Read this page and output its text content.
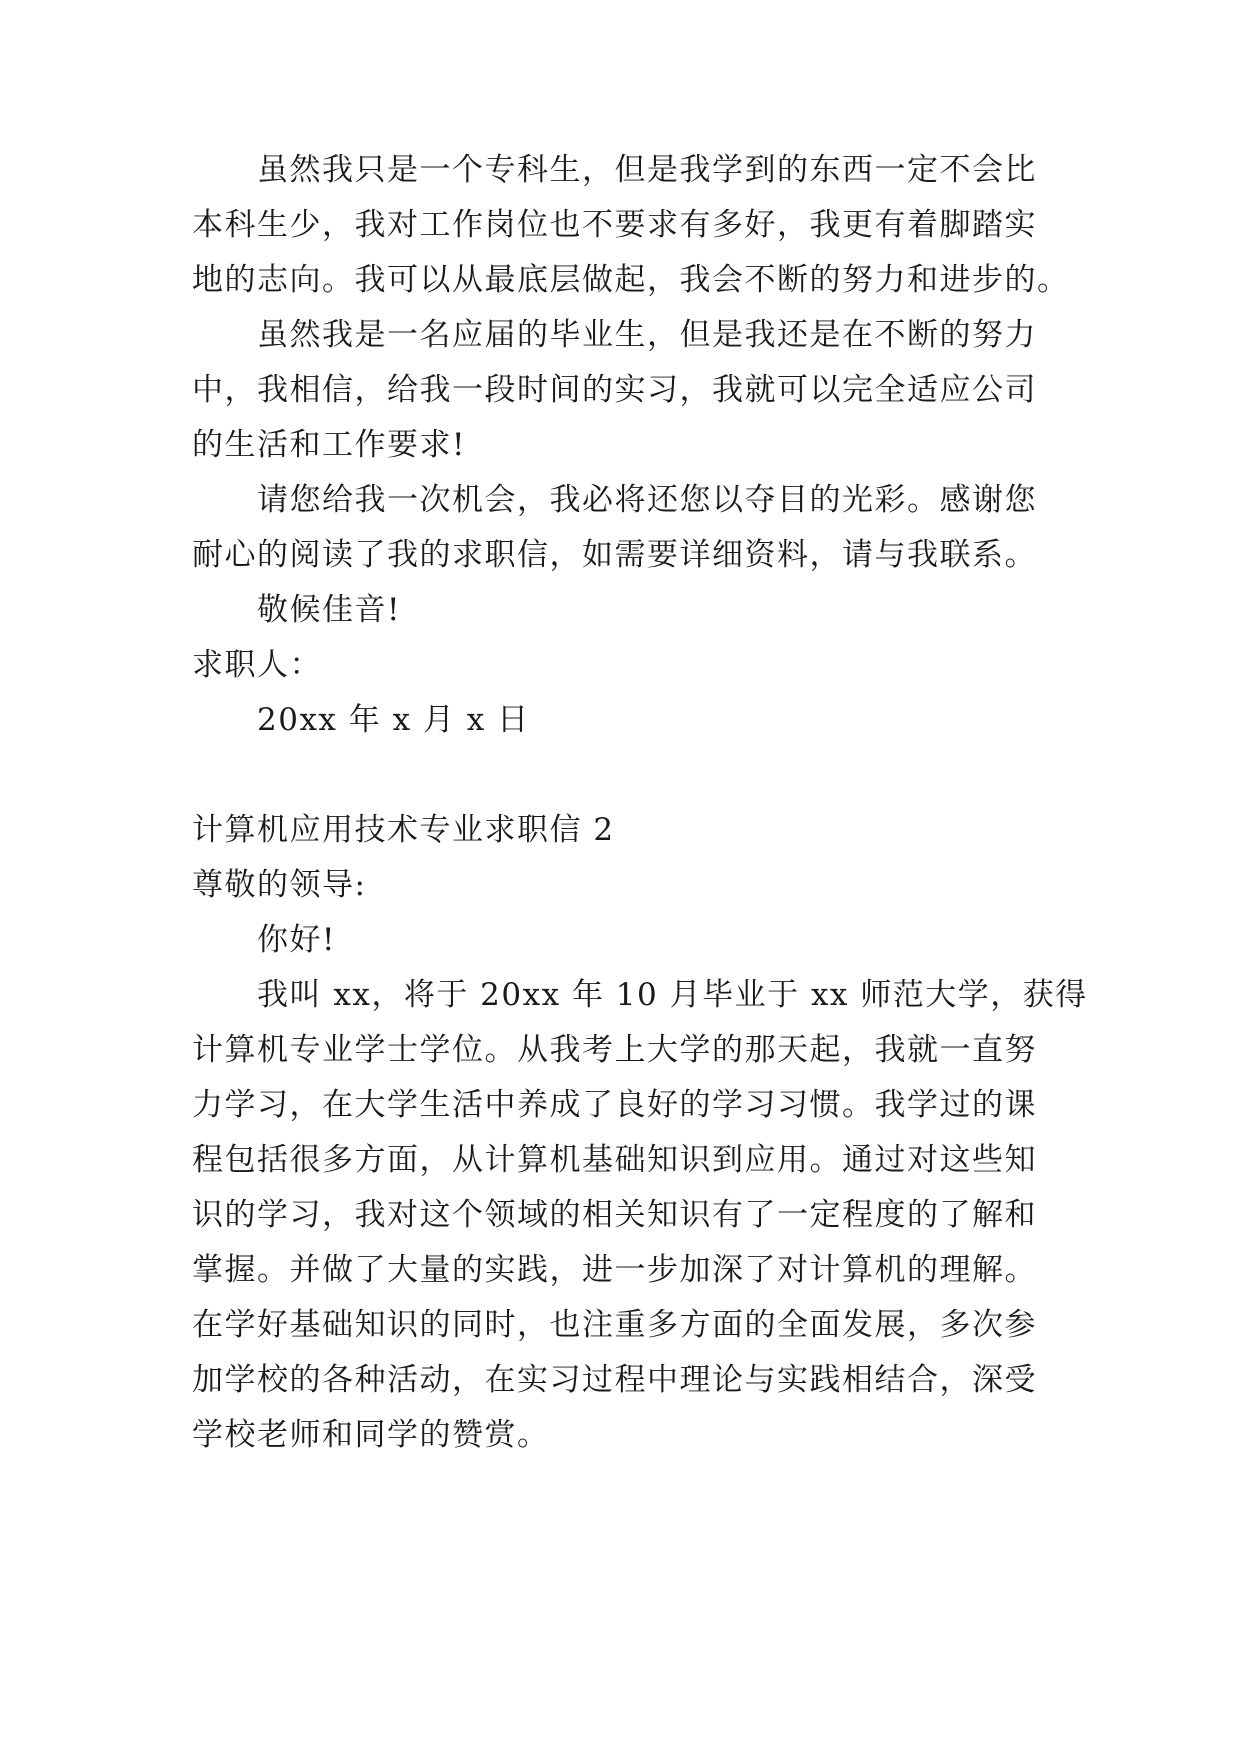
虽然我只是一个专科生，但是我学到的东西一定不会比
本科生少，我对工作岗位也不要求有多好，我更有着脚踏实
地的志向。我可以从最底层做起，我会不断的努力和进步的。
虽然我是一名应届的毕业生，但是我还是在不断的努力
中，我相信，给我一段时间的实习，我就可以完全适应公司
的生活和工作要求!
请您给我一次机会，我必将还您以夺目的光彩。感谢您
耐心的阅读了我的求职信，如需要详细资料，请与我联系。
敬候佳音!
求职人：
20xx 年 x 月 x 日
计算机应用技术专业求职信 2
尊敬的领导:
你好!
我叫 xx，将于 20xx 年 10 月毕业于 xx 师范大学，获得
计算机专业学士学位。从我考上大学的那天起，我就一直努
力学习，在大学生活中养成了良好的学习习惯。我学过的课
程包括很多方面，从计算机基础知识到应用。通过对这些知
识的学习，我对这个领域的相关知识有了一定程度的了解和
掌握。并做了大量的实践，进一步加深了对计算机的理解。
在学好基础知识的同时，也注重多方面的全面发展，多次参
加学校的各种活动，在实习过程中理论与实践相结合，深受
学校老师和同学的赞赏。
